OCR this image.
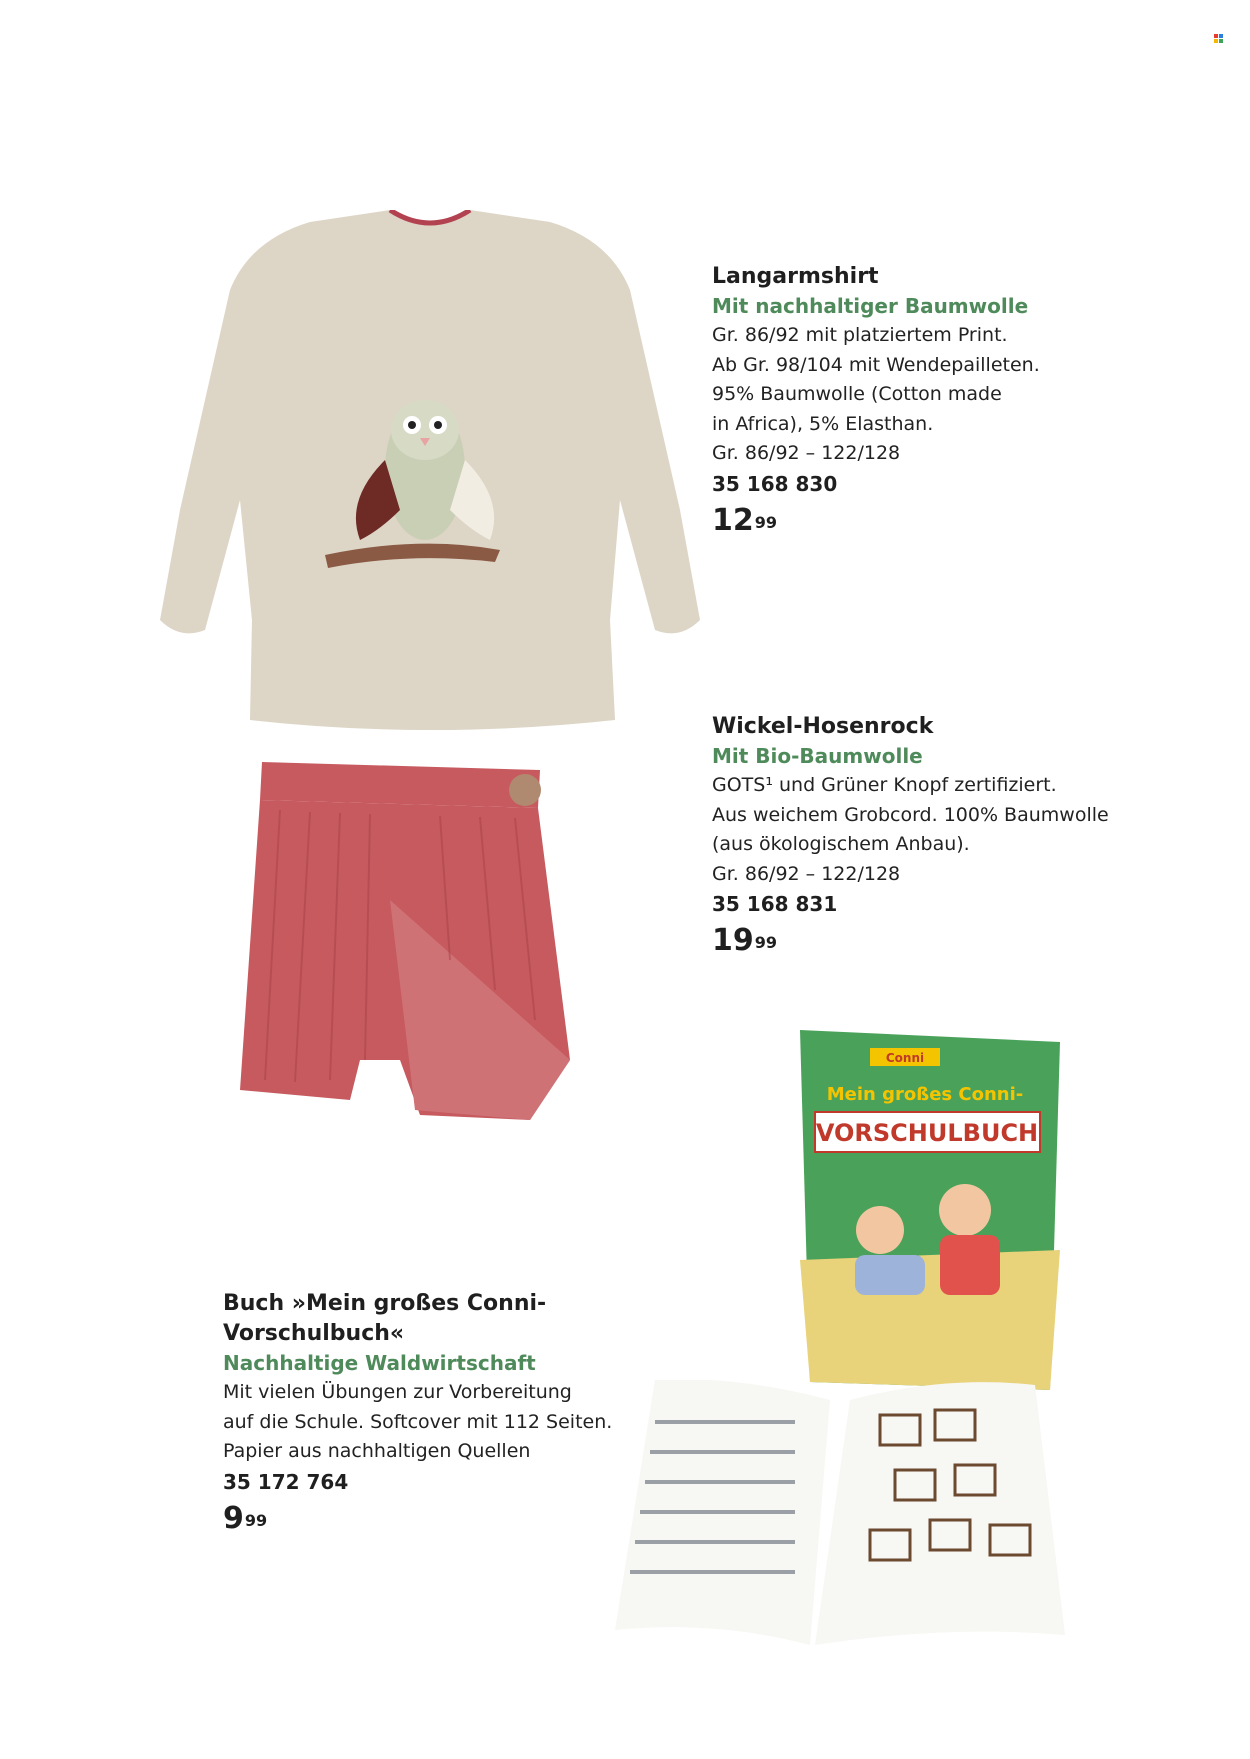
Conni
Mein großes Conni-
VORSCHULBUCH
Langarmshirt
Mit nachhaltiger Baumwolle
Gr. 86/92 mit platziertem Print.
Ab Gr. 98/104 mit Wendepailleten.
95% Baumwolle (Cotton made
in Africa), 5% Elasthan.
Gr. 86/92 – 122/128
35 168 830
$12^{99}$
Wickel-Hosenrock
Mit Bio-Baumwolle
GOTS¹ und Grüner Knopf zertifiziert.
Aus weichem Grobcord. 100% Baumwolle
(aus ökologischem Anbau).
Gr. 86/92 – 122/128
35 168 831
$19^{99}$
Buch »Mein großes Conni-
Vorschulbuch«
Nachhaltige Waldwirtschaft
Mit vielen Übungen zur Vorbereitung
auf die Schule. Softcover mit 112 Seiten.
Papier aus nachhaltigen Quellen
35 172 764
$9^{99}$
